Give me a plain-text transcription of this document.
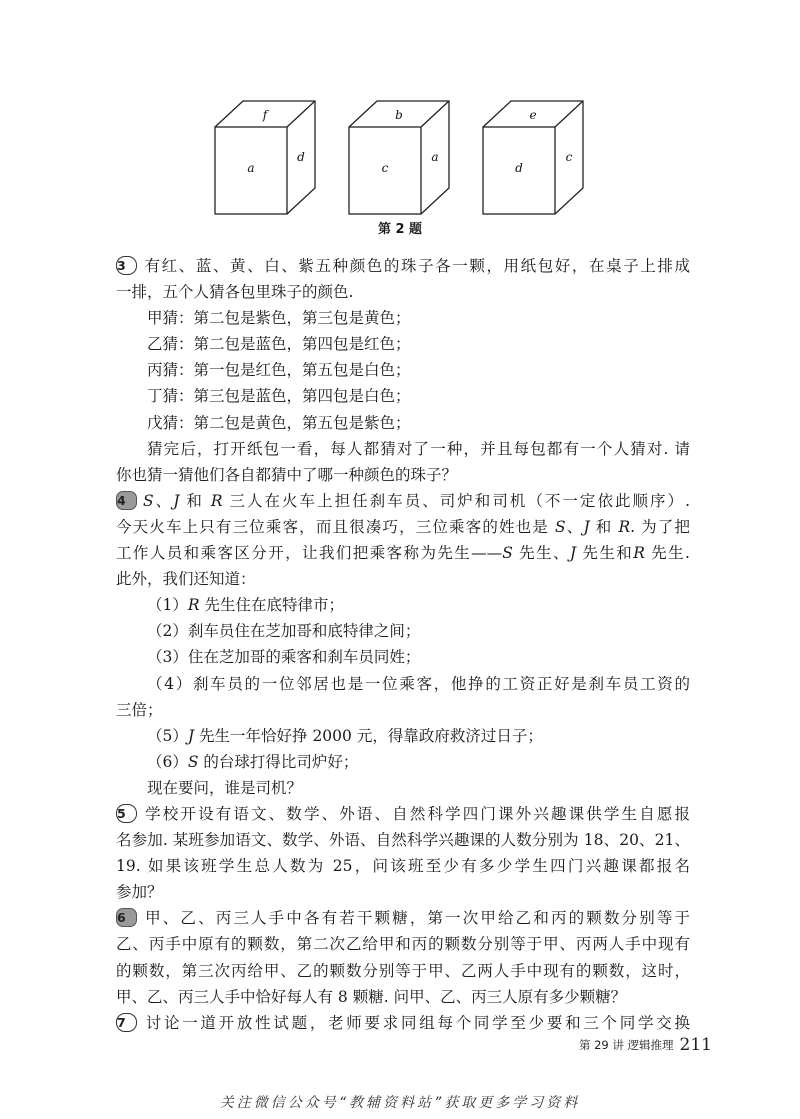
f
a
d
b
c
a
e
d
c
第 2 题
3 有红、蓝、黄、白、紫五种颜色的珠子各一颗，用纸包好，在桌子上排成
一排，五个人猜各包里珠子的颜色.
甲猜：第二包是紫色，第三包是黄色；
乙猜：第二包是蓝色，第四包是红色；
丙猜：第一包是红色，第五包是白色；
丁猜：第三包是蓝色，第四包是白色；
戊猜：第二包是黄色，第五包是紫色；
猜完后，打开纸包一看，每人都猜对了一种，并且每包都有一个人猜对. 请
你也猜一猜他们各自都猜中了哪一种颜色的珠子？
4 S、J 和 R 三人在火车上担任刹车员、司炉和司机（不一定依此顺序）.
今天火车上只有三位乘客，而且很凑巧，三位乘客的姓也是 S、J 和 R. 为了把
工作人员和乘客区分开，让我们把乘客称为先生——S 先生、J 先生和R 先生.
此外，我们还知道：
（1）R 先生住在底特律市；
（2）刹车员住在芝加哥和底特律之间；
（3）住在芝加哥的乘客和刹车员同姓；
（4）刹车员的一位邻居也是一位乘客，他挣的工资正好是刹车员工资的
三倍；
（5）J 先生一年恰好挣 2000 元，得靠政府救济过日子；
（6）S 的台球打得比司炉好；
现在要问，谁是司机？
5 学校开设有语文、数学、外语、自然科学四门课外兴趣课供学生自愿报
名参加. 某班参加语文、数学、外语、自然科学兴趣课的人数分别为 18、20、21、
19. 如果该班学生总人数为 25，问该班至少有多少学生四门兴趣课都报名
参加？
6 甲、乙、丙三人手中各有若干颗糖，第一次甲给乙和丙的颗数分别等于
乙、丙手中原有的颗数，第二次乙给甲和丙的颗数分别等于甲、丙两人手中现有
的颗数，第三次丙给甲、乙的颗数分别等于甲、乙两人手中现有的颗数，这时，
甲、乙、丙三人手中恰好每人有 8 颗糖. 问甲、乙、丙三人原有多少颗糖？
7 讨论一道开放性试题，老师要求同组每个同学至少要和三个同学交换
第 29 讲 逻辑推理 211
关注微信公众号“教辅资料站”获取更多学习资料
